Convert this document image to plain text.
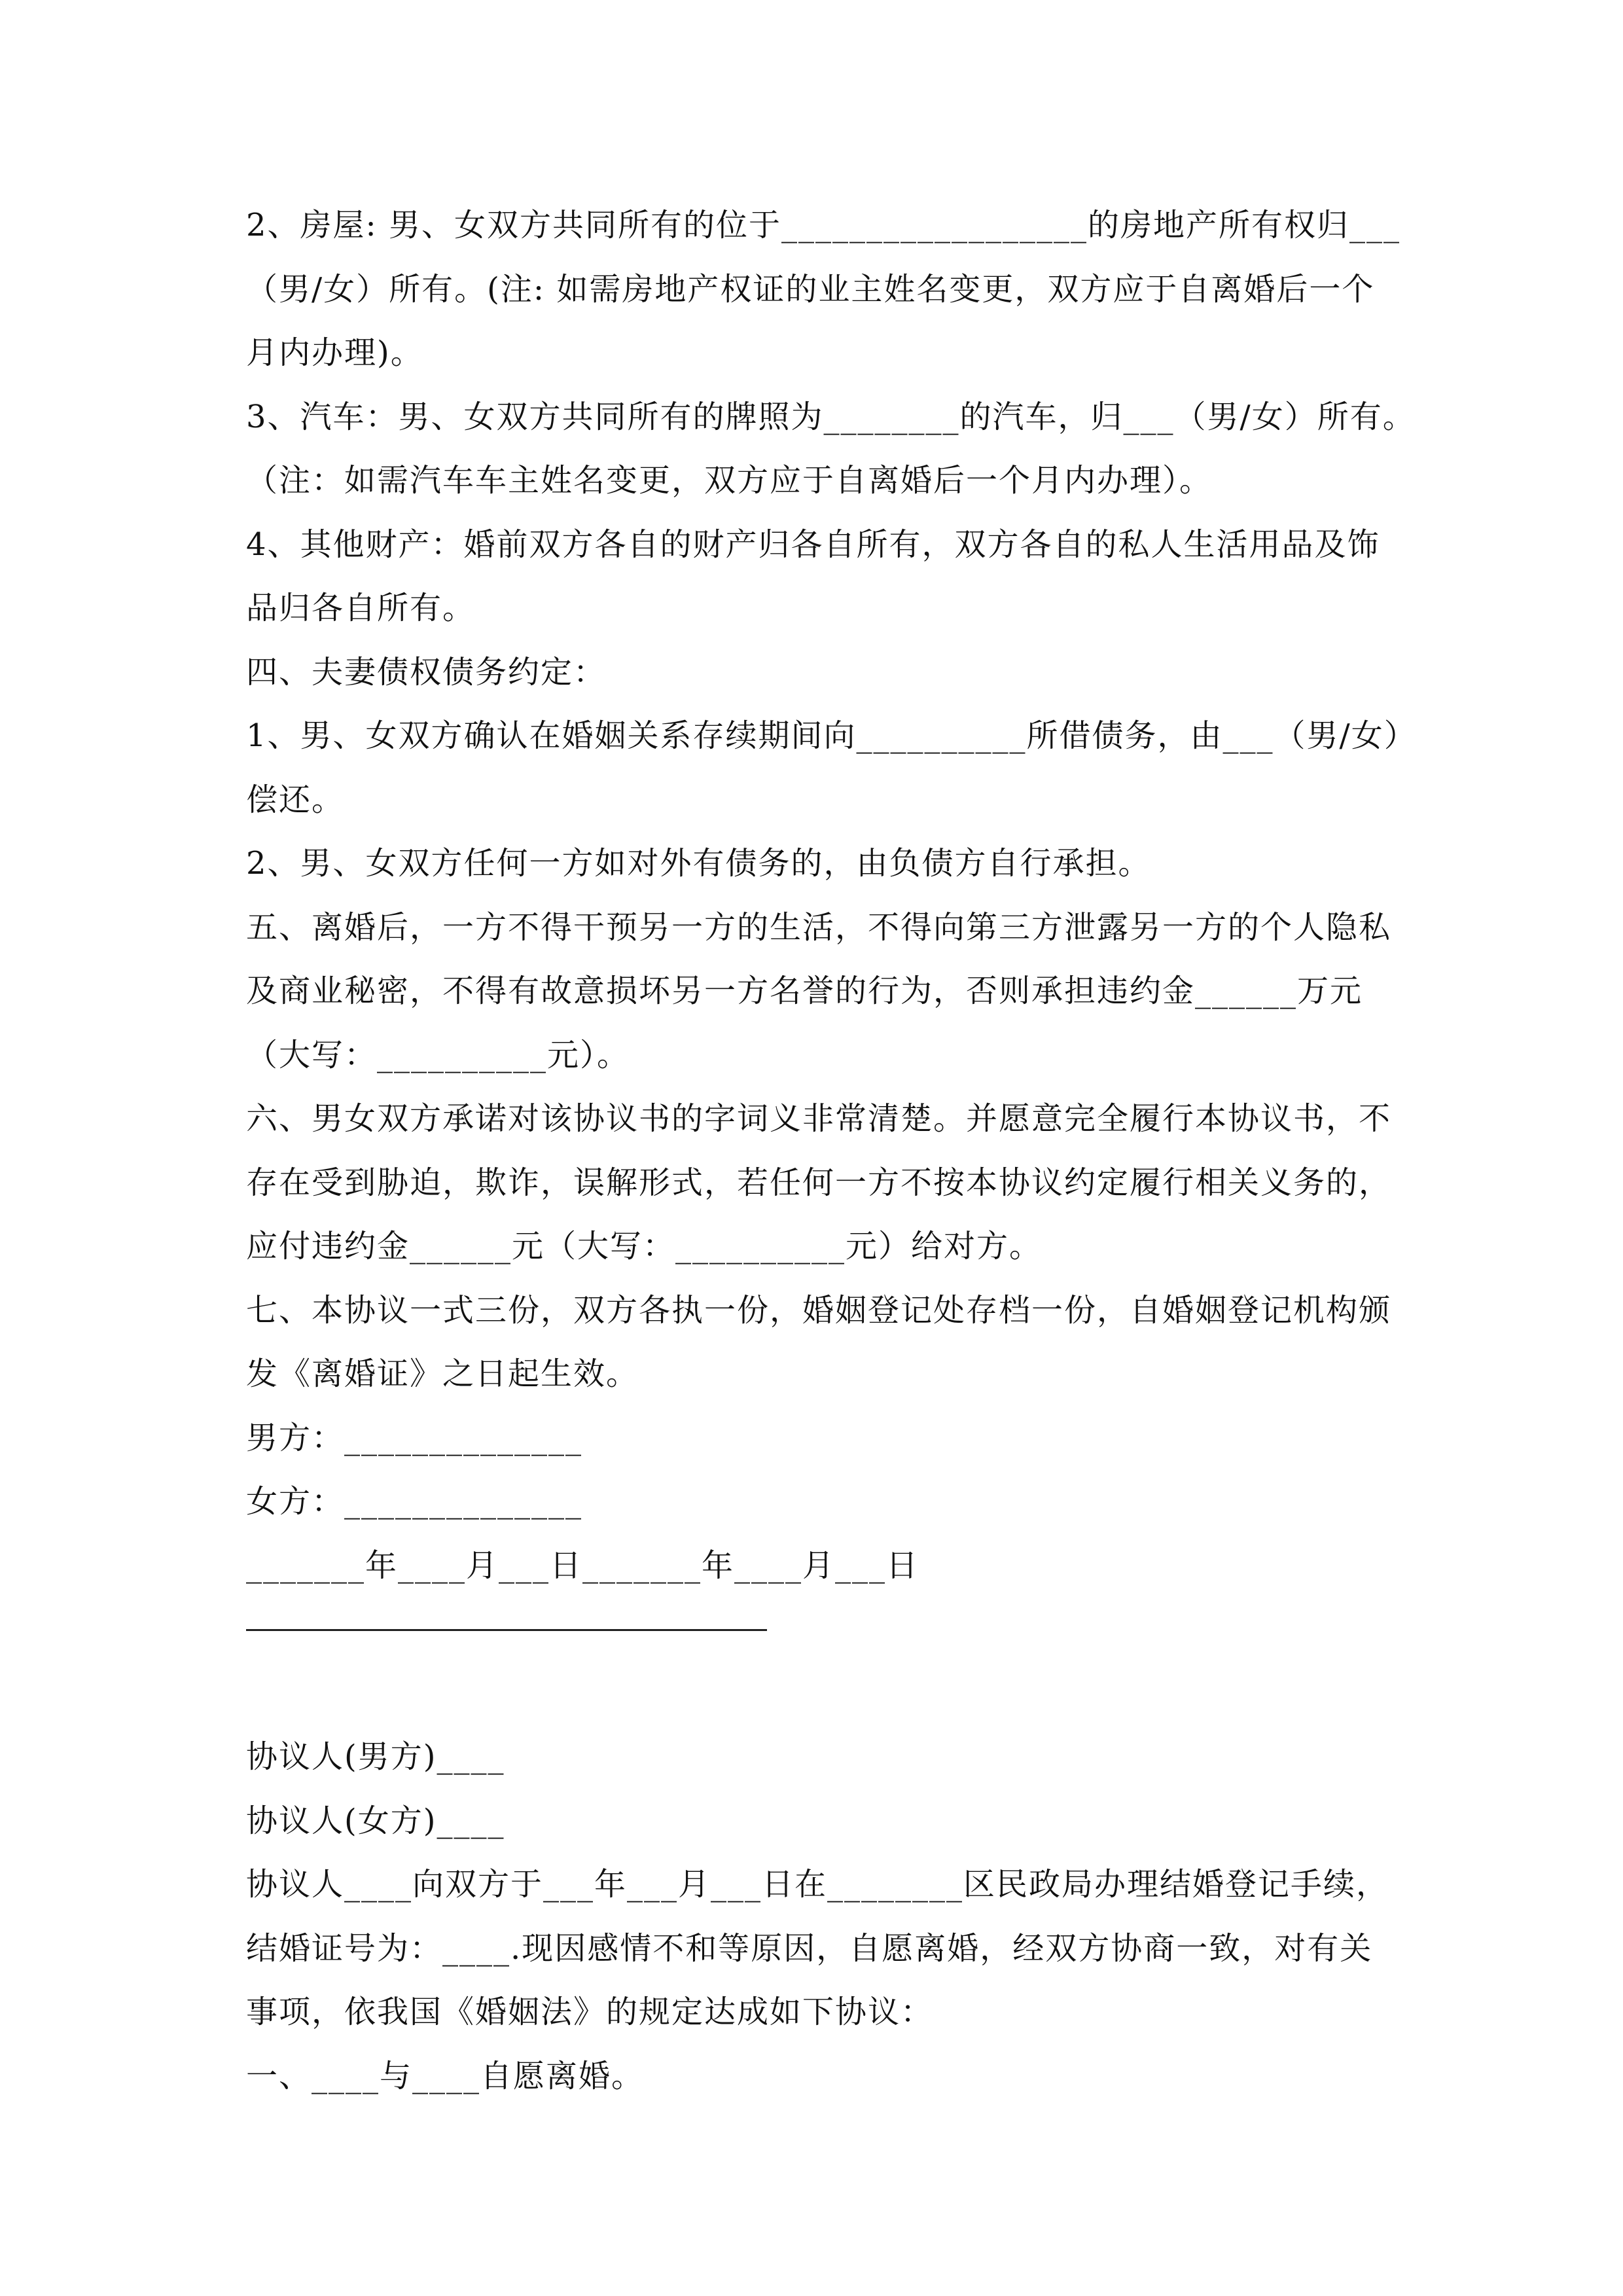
2、房屋: 男、女双方共同所有的位于__________________的房地产所有权归___
（男/女）所有。(注: 如需房地产权证的业主姓名变更，双方应于自离婚后一个
月内办理)。
3、汽车：男、女双方共同所有的牌照为________的汽车，归___（男/女）所有。
（注：如需汽车车主姓名变更，双方应于自离婚后一个月内办理）。
4、其他财产：婚前双方各自的财产归各自所有，双方各自的私人生活用品及饰
品归各自所有。
四、夫妻债权债务约定：
1、男、女双方确认在婚姻关系存续期间向__________所借债务，由___（男/女）
偿还。
2、男、女双方任何一方如对外有债务的，由负债方自行承担。
五、离婚后，一方不得干预另一方的生活，不得向第三方泄露另一方的个人隐私
及商业秘密，不得有故意损坏另一方名誉的行为，否则承担违约金______万元
（大写：__________元）。
六、男女双方承诺对该协议书的字词义非常清楚。并愿意完全履行本协议书，不
存在受到胁迫，欺诈，误解形式，若任何一方不按本协议约定履行相关义务的，
应付违约金______元（大写：__________元）给对方。
七、本协议一式三份，双方各执一份，婚姻登记处存档一份，自婚姻登记机构颁
发《离婚证》之日起生效。
男方：______________
女方：______________
_______年____月___日_______年____月___日
协议人(男方)____
协议人(女方)____
协议人____向双方于___年___月___日在________区民政局办理结婚登记手续，
结婚证号为：____.现因感情不和等原因，自愿离婚，经双方协商一致，对有关
事项，依我国《婚姻法》的规定达成如下协议：
一、____与____自愿离婚。
